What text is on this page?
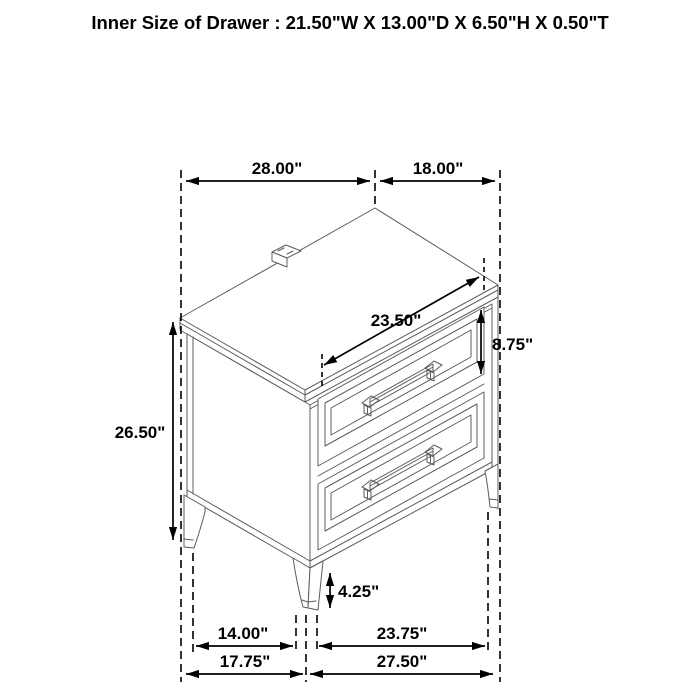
28.00"	18.00"
26.50"
23.50"
8.75"
4.25"
14.00"	23.75"
17.75"	27.50"
Inner Size of Drawer : 21.50"W X 13.00"D X 6.50"H X 0.50"T
